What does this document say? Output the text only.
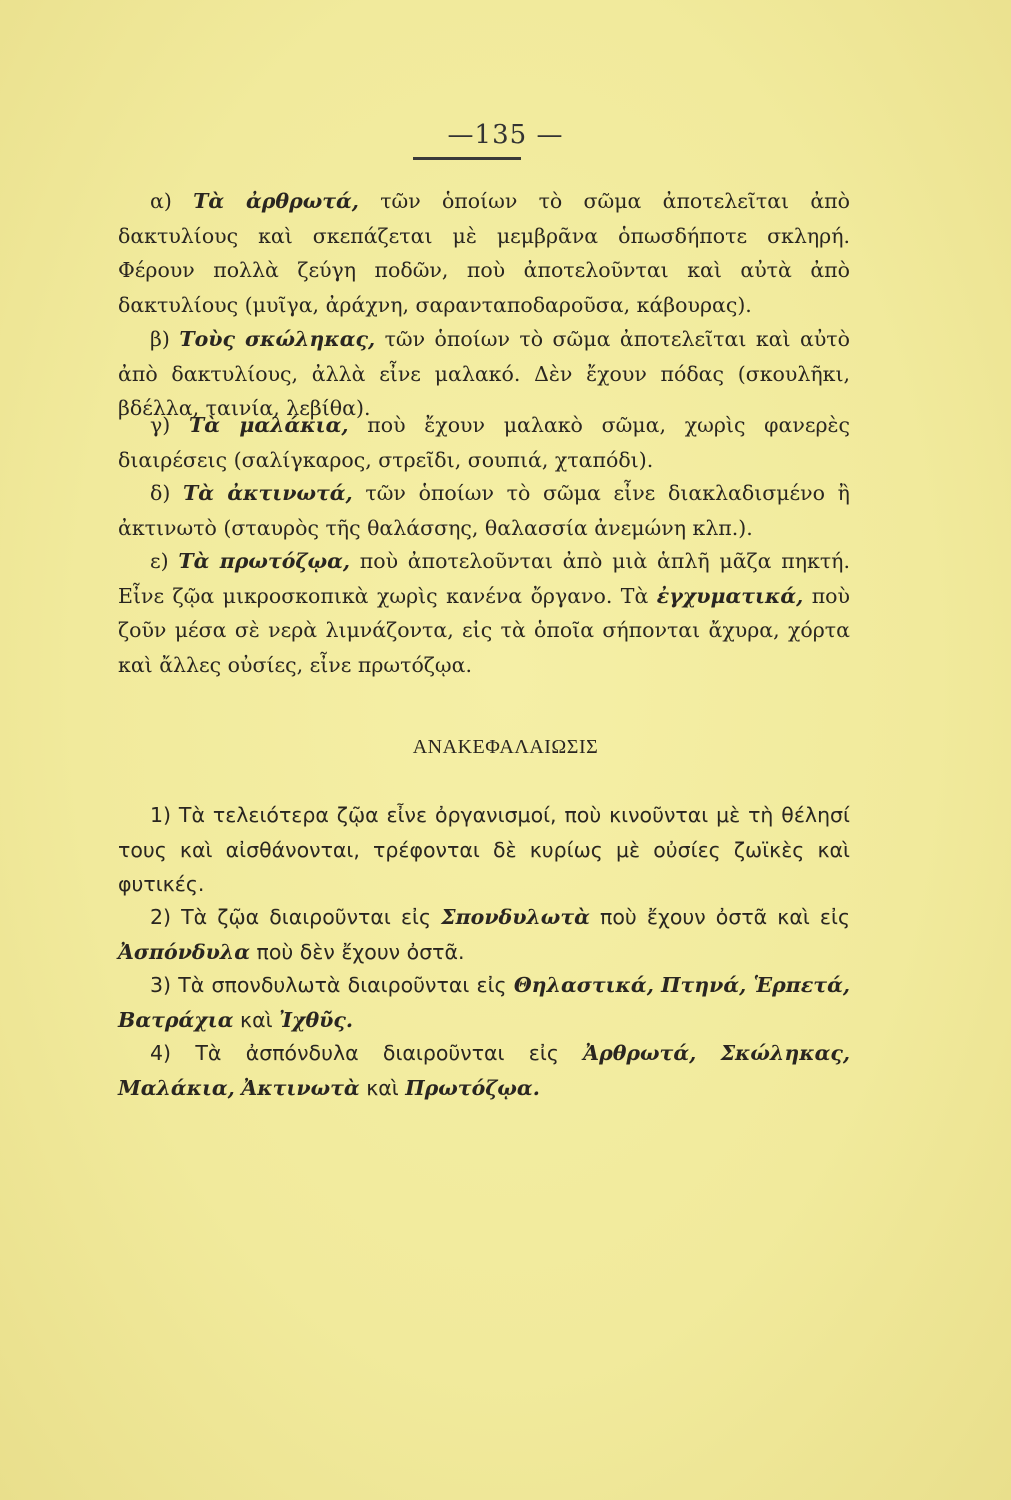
—135 —

α) Τὰ ἀρθρωτά, τῶν ὁποίων τὸ σῶμα ἀποτελεῖται ἀπὸ δακτυλίους καὶ σκεπάζεται μὲ μεμβρᾶνα ὁπωσδήποτε σκληρή. Φέρουν πολλὰ ζεύγη ποδῶν, ποὺ ἀποτελοῦνται καὶ αὐτὰ ἀπὸ δακτυλίους (μυῖγα, ἀράχνη, σαρανταποδαροῦσα, κάβουρας).

β) Τοὺς σκώληκας, τῶν ὁποίων τὸ σῶμα ἀποτελεῖται καὶ αὐτὸ ἀπὸ δακτυλίους, ἀλλὰ εἶνε μαλακό. Δὲν ἔχουν πόδας (σκουλῆκι, βδέλλα, ταινία, λεβίθα).

γ) Τὰ μαλάκια, ποὺ ἔχουν μαλακὸ σῶμα, χωρὶς φανερὲς διαιρέσεις (σαλίγκαρος, στρεῖδι, σουπιά, χταπόδι).

δ) Τὰ ἀκτινωτά, τῶν ὁποίων τὸ σῶμα εἶνε διακλαδισμένο ἢ ἀκτινωτὸ (σταυρὸς τῆς θαλάσσης, θαλασσία ἀνεμώνη κλπ.).

ε) Τὰ πρωτόζῳα, ποὺ ἀποτελοῦνται ἀπὸ μιὰ ἁπλῆ μᾶζα πηκτή. Εἶνε ζῷα μικροσκοπικὰ χωρὶς κανένα ὄργανο. Τὰ ἐγχυματικά, ποὺ ζοῦν μέσα σὲ νερὰ λιμνάζοντα, εἰς τὰ ὁποῖα σήπονται ἄχυρα, χόρτα καὶ ἄλλες οὐσίες, εἶνε πρωτόζῳα.

ΑΝΑΚΕΦΑΛΑΙΩΣΙΣ

1) Τὰ τελειότερα ζῷα εἶνε ὀργανισμοί, ποὺ κινοῦνται μὲ τὴ θέλησί τους καὶ αἰσθάνονται, τρέφονται δὲ κυρίως μὲ οὐσίες ζωϊκὲς καὶ φυτικές.

2) Τὰ ζῷα διαιροῦνται εἰς Σπονδυλωτὰ ποὺ ἔχουν ὀστᾶ καὶ εἰς Ἀσπόνδυλα ποὺ δὲν ἔχουν ὀστᾶ.

3) Τὰ σπονδυλωτὰ διαιροῦνται εἰς Θηλαστικά, Πτηνά, Ἑρπετά, Βατράχια καὶ Ἰχθῦς.

4) Τὰ ἀσπόνδυλα διαιροῦνται εἰς Ἀρθρωτά, Σκώληκας, Μαλάκια, Ἀκτινωτὰ καὶ Πρωτόζῳα.
